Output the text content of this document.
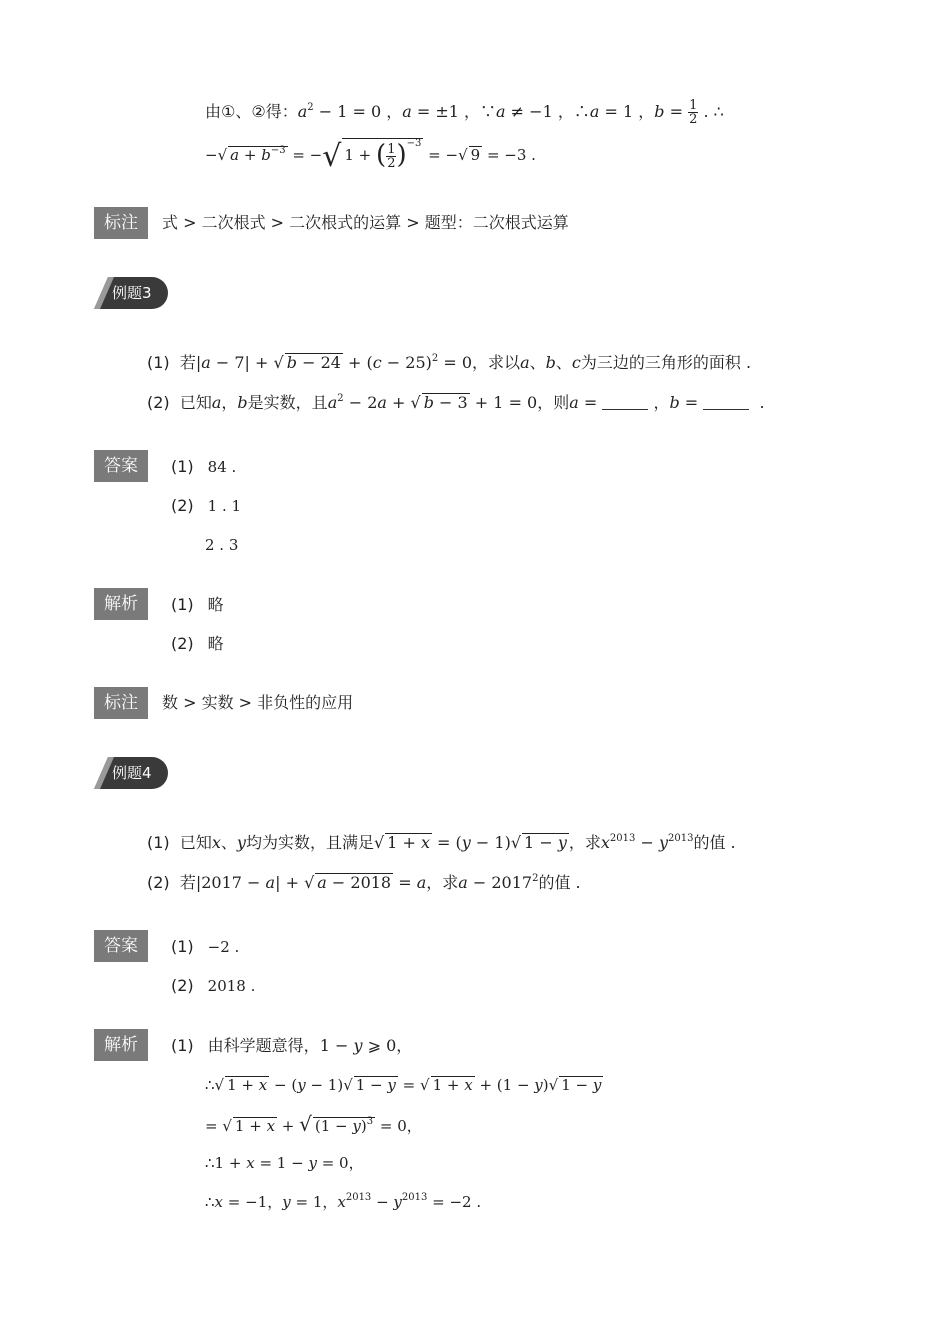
由①、②得：$a^2 - 1 = 0$ ，a = ±1 ，∵a ≠ −1 ，∴a = 1 ，$b = \frac{1}{2}$ . ∴
−√ $a + b^{-3}$ = −√ 1 + ( $\frac{1}{2} )^{-3}$ = −√ 9 = −3 .
标注	式 > 二次根式 > 二次根式的运算 > 题型：二次根式运算
例题3
(1)  若|a − 7| + √ $b - 24 + (c - 25)^2 = 0$，求以a、b、c为三边的三角形的面积 .
(2)  已知a，b是实数，且$a^2 - 2a$ + √ b − 3 + 1 = 0，则a =	，b =	.
答案	(1) 84 .
(2) 1 . 1
2 . 3
解析	(1) 略
(2) 略
标注	数 > 实数 > 非负性的应用
例题4
(1)  已知x、y均为实数，且满足√ 1 + x = (y − 1)√ 1 − y ，求$x^{2013} - y^{2013}$的值 .
(2)  若|2017 − a| + √ a − 2018 = a，求$a - 2017^2$的值 .
答案	(1) −2 .
(2) 2018 .
解析	(1) 由科学题意得，1 − y ⩾ 0，
∴√ 1 + x − (y − 1)√ 1 − y = √ 1 + x + (1 − y)√ 1 − y
= √ 1 + x + √ $(1 - y)^3 = 0$，
∴1 + x = 1 − y = 0，
∴x = −1，y = 1，$x^{2013} - y^{2013} = -2$ .
